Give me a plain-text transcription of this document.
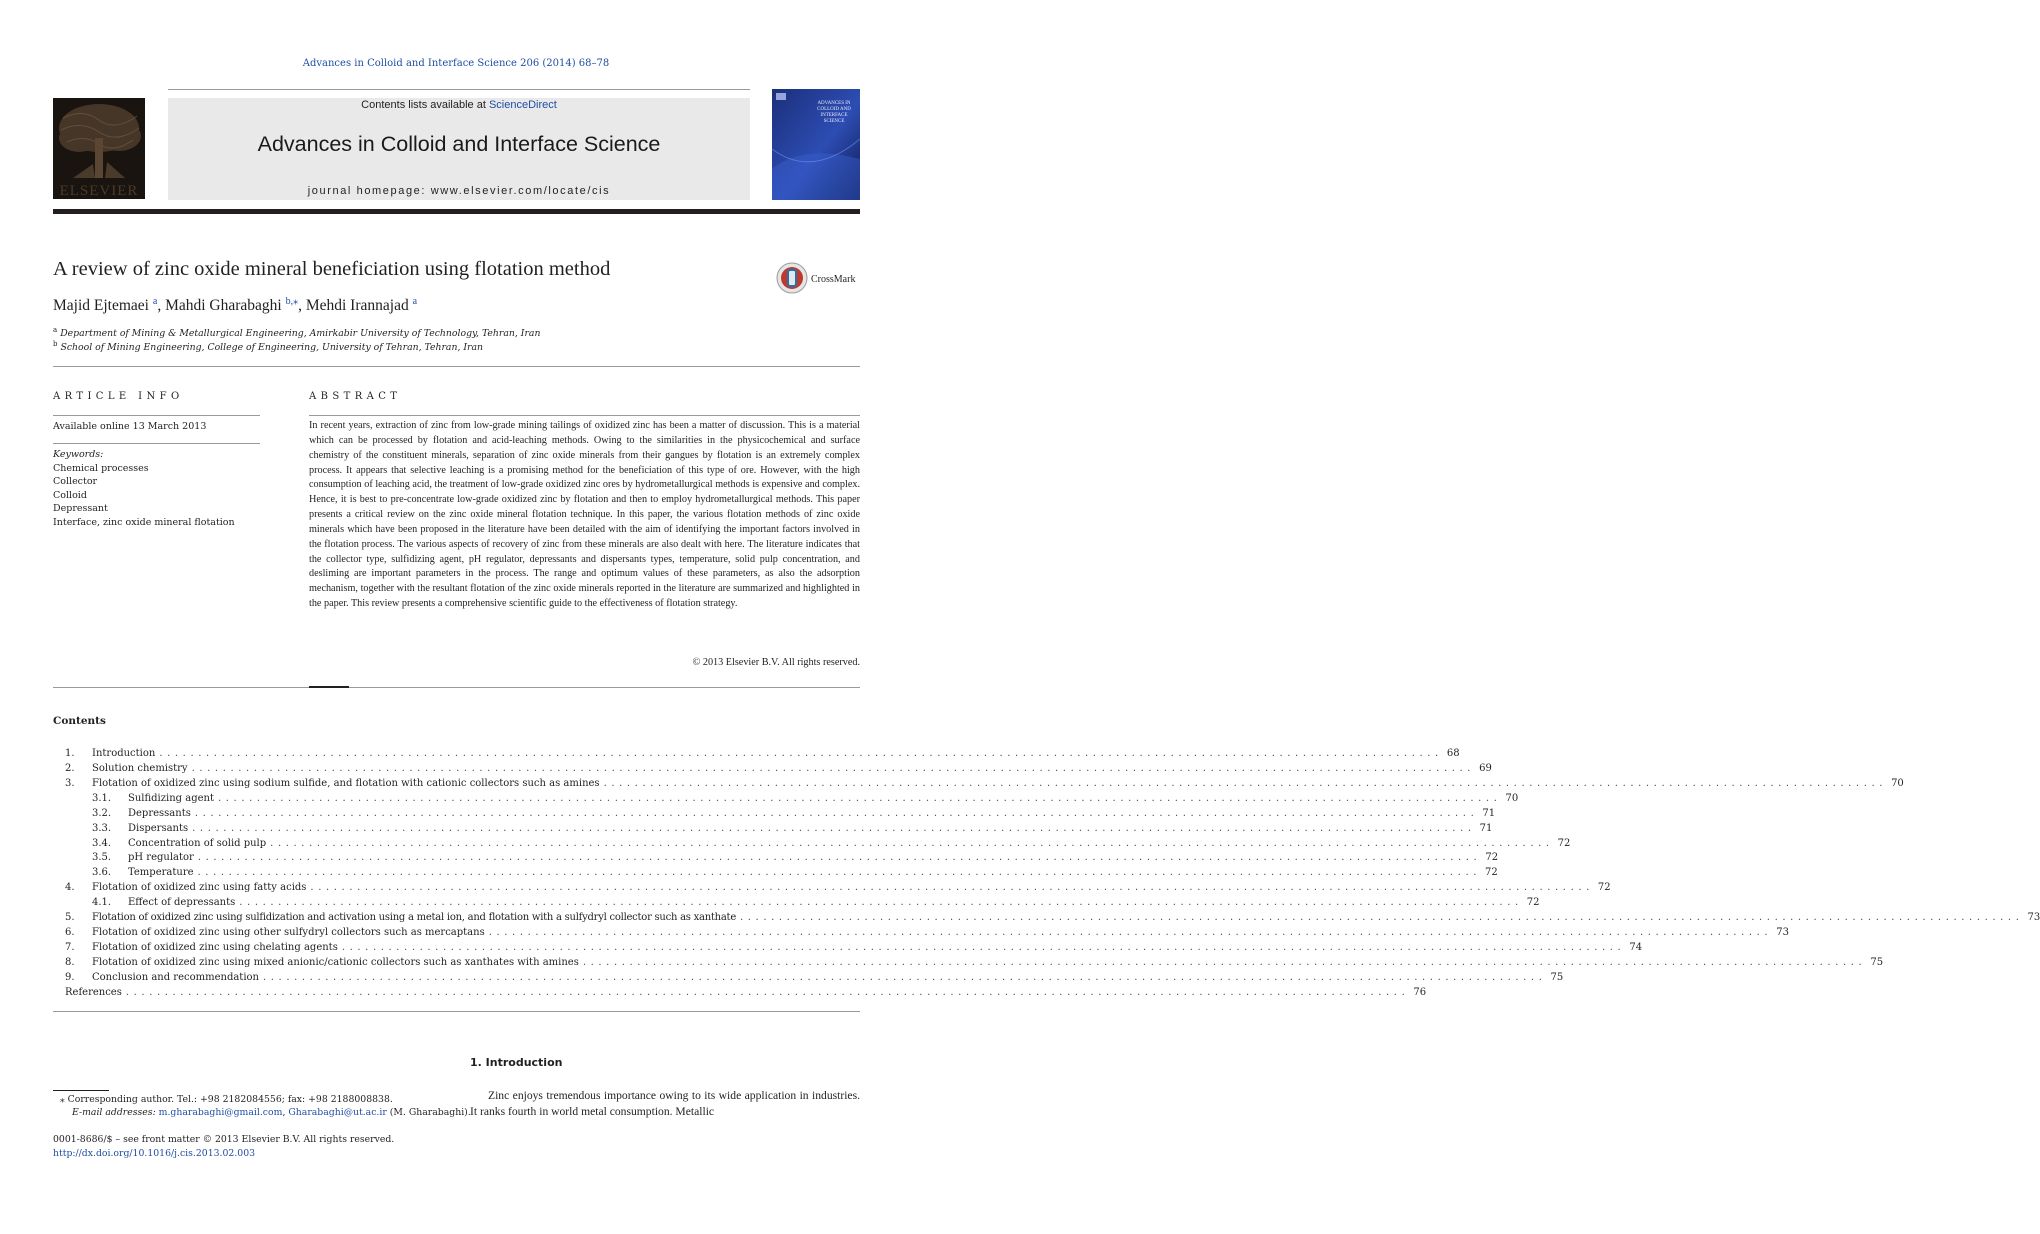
Advances in Colloid and Interface Science 206 (2014) 68–78
ELSEVIER
Contents lists available at ScienceDirect
Advances in Colloid and Interface Science
journal homepage: www.elsevier.com/locate/cis
ADVANCES IN
COLLOID AND
INTERFACE
SCIENCE
A review of zinc oxide mineral beneficiation using flotation method	CrossMark
Majid Ejtemaei $^a$, Mahdi Gharabaghi $^{b,⁎}$, Mehdi Irannajad $^a$
$^a$ Department of Mining & Metallurgical Engineering, Amirkabir University of Technology, Tehran, Iran
$^b$ School of Mining Engineering, College of Engineering, University of Tehran, Tehran, Iran
ARTICLE INFO
Available online 13 March 2013
Keywords:
Chemical processes
Collector
Colloid
Depressant
Interface, zinc oxide mineral flotation
ABSTRACT
In recent years, extraction of zinc from low-grade mining tailings of oxidized zinc has been a matter of discussion. This is a material which can be processed by flotation and acid-leaching methods. Owing to the similarities in the physicochemical and surface chemistry of the constituent minerals, separation of zinc oxide minerals from their gangues by flotation is an extremely complex process. It appears that selective leaching is a promising method for the beneficiation of this type of ore. However, with the high consumption of leaching acid, the treatment of low-grade oxidized zinc ores by hydrometallurgical methods is expensive and complex. Hence, it is best to pre-concentrate low-grade oxidized zinc by flotation and then to employ hydrometallurgical methods. This paper presents a critical review on the zinc oxide mineral flotation technique. In this paper, the various flotation methods of zinc oxide minerals which have been proposed in the literature have been detailed with the aim of identifying the important factors involved in the flotation process. The various aspects of recovery of zinc from these minerals are also dealt with here. The literature indicates that the collector type, sulfidizing agent, pH regulator, depressants and dispersants types, temperature, solid pulp concentration, and desliming are important parameters in the process. The range and optimum values of these parameters, as also the adsorption mechanism, together with the resultant flotation of the zinc oxide minerals reported in the literature are summarized and highlighted in the paper. This review presents a comprehensive scientific guide to the effectiveness of flotation strategy.
© 2013 Elsevier B.V. All rights reserved.
Contents
1.	Introduction ..................................................................................................................................................................... 68
2.	Solution chemistry ..................................................................................................................................................................... 69
3.	Flotation of oxidized zinc using sodium sulfide, and flotation with cationic collectors such as amines ..................................................................................................................................................................... 70
3.1.	Sulfidizing agent ..................................................................................................................................................................... 70
3.2.	Depressants ..................................................................................................................................................................... 71
3.3.	Dispersants ..................................................................................................................................................................... 71
3.4.	Concentration of solid pulp ..................................................................................................................................................................... 72
3.5.	pH regulator ..................................................................................................................................................................... 72
3.6.	Temperature ..................................................................................................................................................................... 72
4.	Flotation of oxidized zinc using fatty acids ..................................................................................................................................................................... 72
4.1.	Effect of depressants ..................................................................................................................................................................... 72
5.	Flotation of oxidized zinc using sulfidization and activation using a metal ion, and flotation with a sulfydryl collector such as xanthate ..................................................................................................................................................................... 73
6.	Flotation of oxidized zinc using other sulfydryl collectors such as mercaptans ..................................................................................................................................................................... 73
7.	Flotation of oxidized zinc using chelating agents ..................................................................................................................................................................... 74
8.	Flotation of oxidized zinc using mixed anionic/cationic collectors such as xanthates with amines ..................................................................................................................................................................... 75
9.	Conclusion and recommendation ..................................................................................................................................................................... 75
References ..................................................................................................................................................................... 76
1. Introduction
Zinc enjoys tremendous importance owing to its wide application in industries. It ranks fourth in world metal consumption. Metallic
⁎ Corresponding author. Tel.: +98 2182084556; fax: +98 2188008838.
E-mail addresses: m.gharabaghi@gmail.com, Gharabaghi@ut.ac.ir (M. Gharabaghi).
0001-8686/$ – see front matter © 2013 Elsevier B.V. All rights reserved.
http://dx.doi.org/10.1016/j.cis.2013.02.003
